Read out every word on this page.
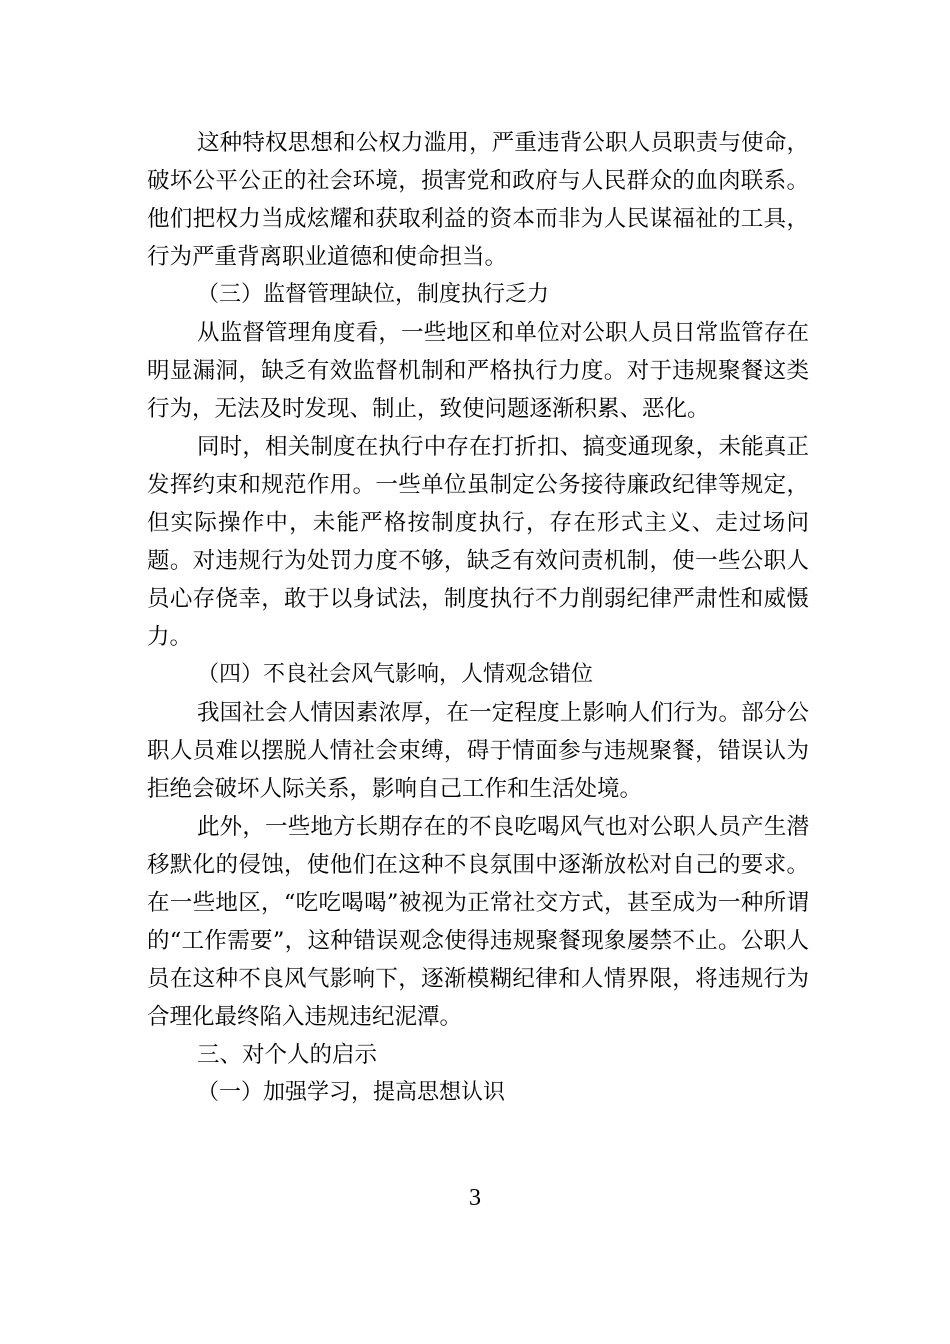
这种特权思想和公权力滥用，严重违背公职人员职责与使命，破坏公平公正的社会环境，损害党和政府与人民群众的血肉联系。他们把权力当成炫耀和获取利益的资本而非为人民谋福祉的工具，行为严重背离职业道德和使命担当。

（三）监督管理缺位，制度执行乏力

从监督管理角度看，一些地区和单位对公职人员日常监管存在明显漏洞，缺乏有效监督机制和严格执行力度。对于违规聚餐这类行为，无法及时发现、制止，致使问题逐渐积累、恶化。

同时，相关制度在执行中存在打折扣、搞变通现象，未能真正发挥约束和规范作用。一些单位虽制定公务接待廉政纪律等规定，但实际操作中，未能严格按制度执行，存在形式主义、走过场问题。对违规行为处罚力度不够，缺乏有效问责机制，使一些公职人员心存侥幸，敢于以身试法，制度执行不力削弱纪律严肃性和威慑力。

（四）不良社会风气影响，人情观念错位

我国社会人情因素浓厚，在一定程度上影响人们行为。部分公职人员难以摆脱人情社会束缚，碍于情面参与违规聚餐，错误认为拒绝会破坏人际关系，影响自己工作和生活处境。

此外，一些地方长期存在的不良吃喝风气也对公职人员产生潜移默化的侵蚀，使他们在这种不良氛围中逐渐放松对自己的要求。在一些地区，“吃吃喝喝”被视为正常社交方式，甚至成为一种所谓的“工作需要”，这种错误观念使得违规聚餐现象屡禁不止。公职人员在这种不良风气影响下，逐渐模糊纪律和人情界限，将违规行为合理化最终陷入违规违纪泥潭。

三、对个人的启示

（一）加强学习，提高思想认识

3
